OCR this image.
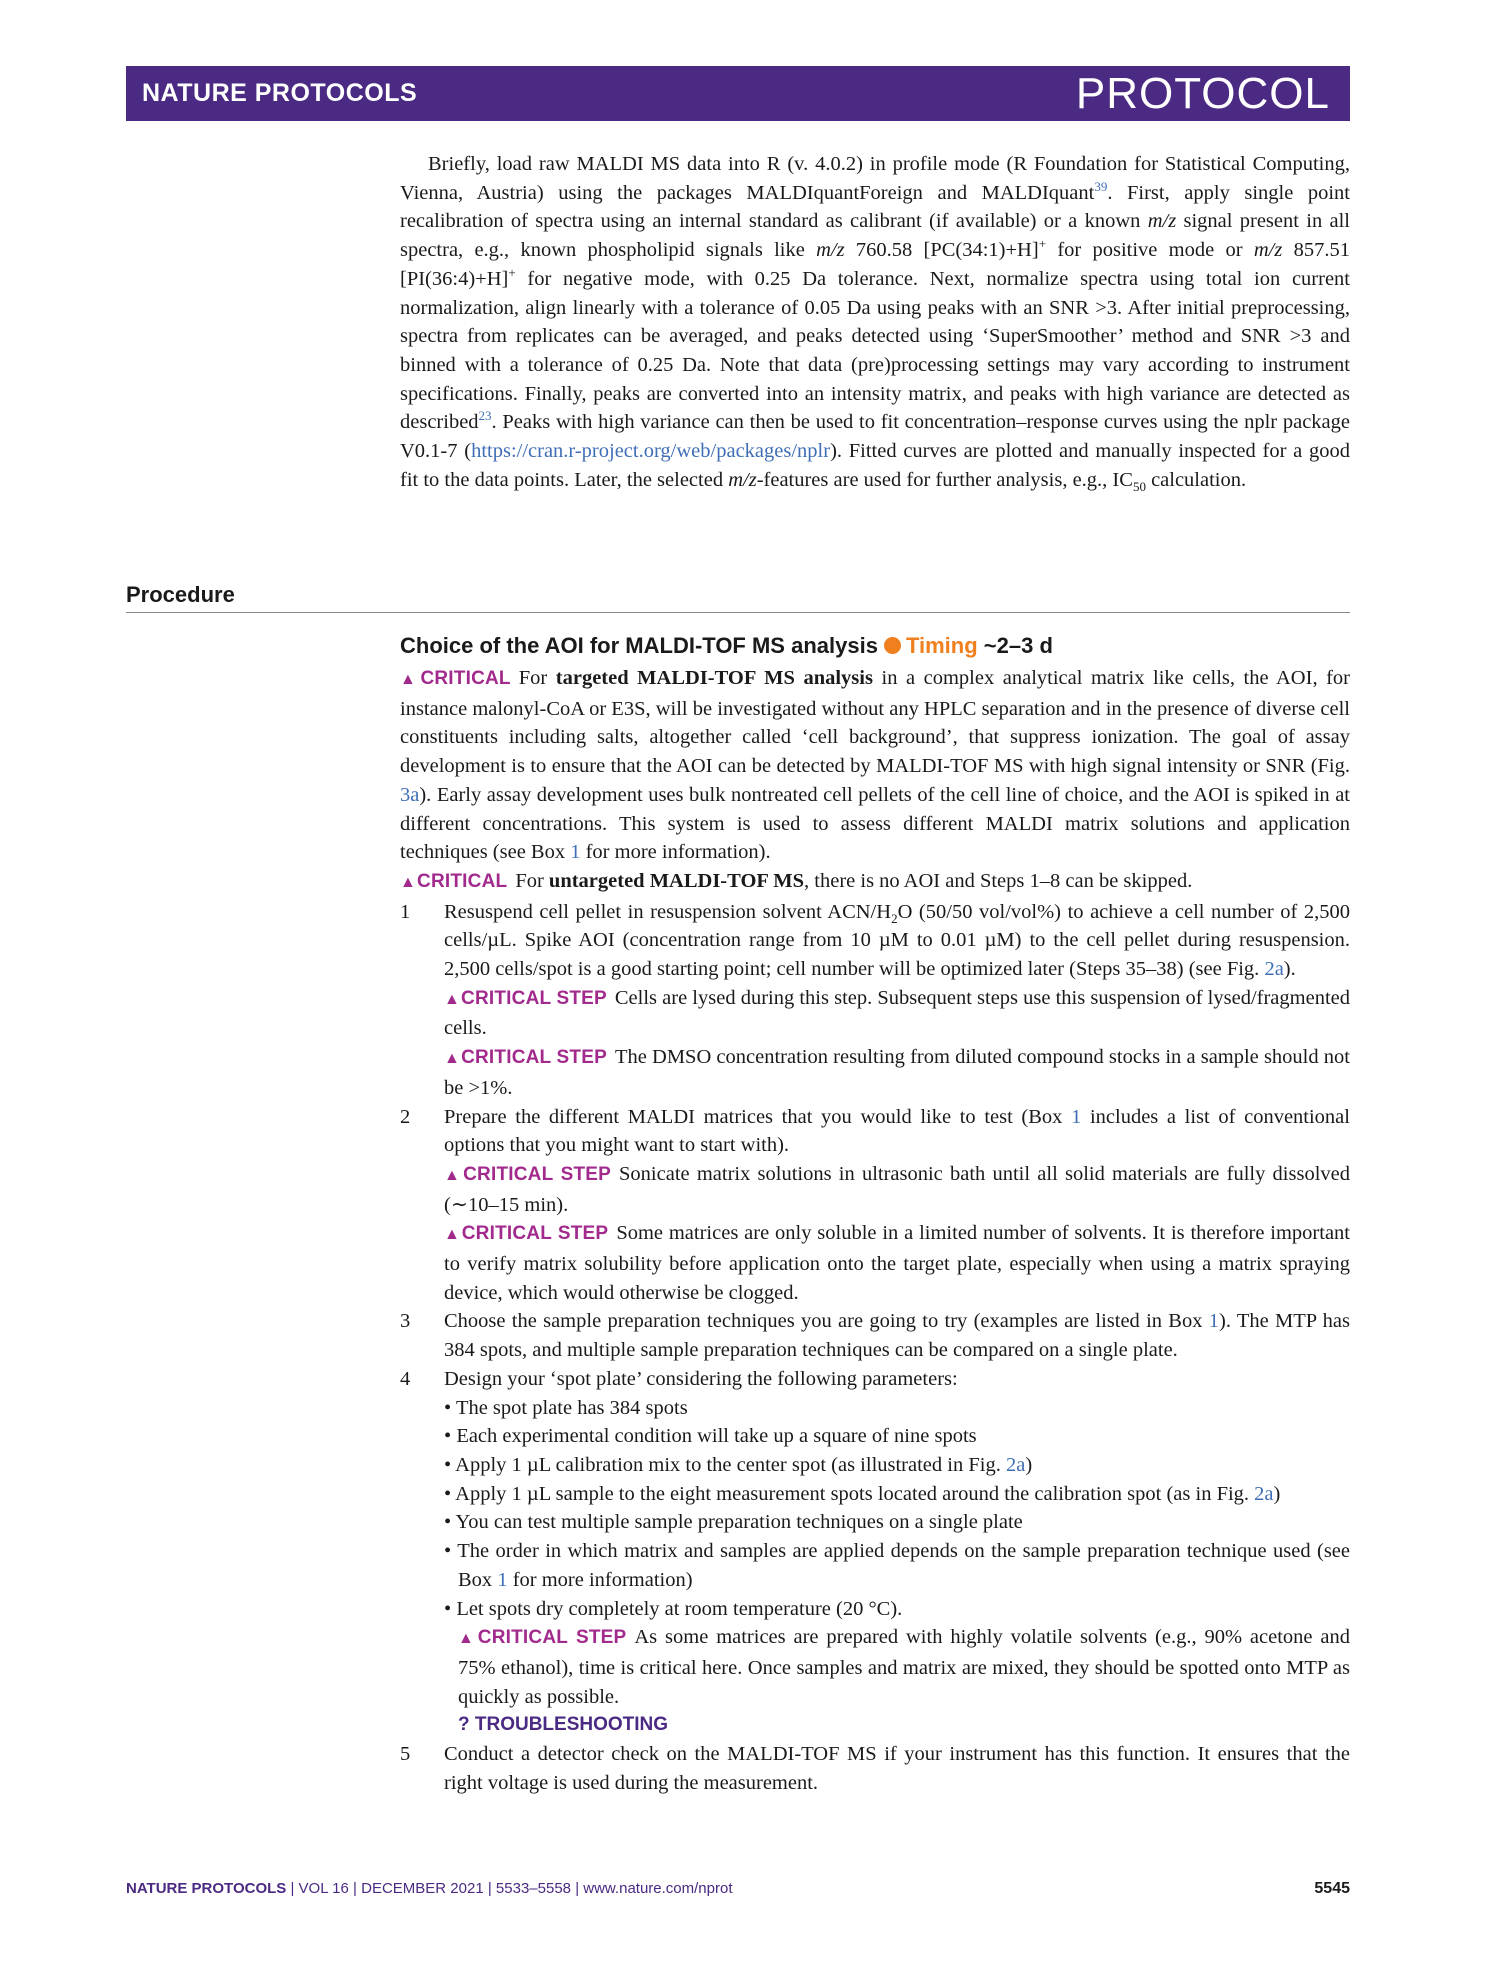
NATURE PROTOCOLS	PROTOCOL

Briefly, load raw MALDI MS data into R (v. 4.0.2) in profile mode (R Foundation for Statistical Computing, Vienna, Austria) using the packages MALDIquantForeign and MALDIquant$^{39}$. First, apply single point recalibration of spectra using an internal standard as calibrant (if available) or a known m/z signal present in all spectra, e.g., known phospholipid signals like m/z 760.58 [PC(34:1)+H]+ for positive mode or m/z 857.51 [PI(36:4)+H]+ for negative mode, with 0.25 Da tolerance. Next, normalize spectra using total ion current normalization, align linearly with a tolerance of 0.05 Da using peaks with an SNR >3. After initial preprocessing, spectra from replicates can be averaged, and peaks detected using ‘SuperSmoother’ method and SNR >3 and binned with a tolerance of 0.25 Da. Note that data (pre)processing settings may vary according to instrument specifications. Finally, peaks are converted into an intensity matrix, and peaks with high variance are detected as described$^{23}$. Peaks with high variance can then be used to fit concentration–response curves using the nplr package V0.1-7 (https://cran.r-project.org/web/packages/nplr). Fitted curves are plotted and manually inspected for a good fit to the data points. Later, the selected m/z-features are used for further analysis, e.g., $IC_{50}$ calculation.

Procedure
Choice of the AOI for MALDI-TOF MS analysis Timing ~2–3 d

▲CRITICAL For targeted MALDI-TOF MS analysis in a complex analytical matrix like cells, the AOI, for instance malonyl-CoA or E3S, will be investigated without any HPLC separation and in the presence of diverse cell constituents including salts, altogether called ‘cell background’, that suppress ionization. The goal of assay development is to ensure that the AOI can be detected by MALDI-TOF MS with high signal intensity or SNR (Fig. 3a). Early assay development uses bulk nontreated cell pellets of the cell line of choice, and the AOI is spiked in at different concentrations. This system is used to assess different MALDI matrix solutions and application techniques (see Box 1 for more information).

▲CRITICAL For untargeted MALDI-TOF MS, there is no AOI and Steps 1–8 can be skipped.

1	Resuspend cell pellet in resuspension solvent ACN/$H_2O$ (50/50 vol/vol%) to achieve a cell number of 2,500 cells/µL. Spike AOI (concentration range from 10 µM to 0.01 µM) to the cell pellet during resuspension. 2,500 cells/spot is a good starting point; cell number will be optimized later (Steps 35–38) (see Fig. 2a).

▲CRITICAL STEP Cells are lysed during this step. Subsequent steps use this suspension of lysed/fragmented cells.

▲CRITICAL STEP The DMSO concentration resulting from diluted compound stocks in a sample should not be >1%.

2	Prepare the different MALDI matrices that you would like to test (Box 1 includes a list of conventional options that you might want to start with).

▲CRITICAL STEP Sonicate matrix solutions in ultrasonic bath until all solid materials are fully dissolved (∼10–15 min).

▲CRITICAL STEP Some matrices are only soluble in a limited number of solvents. It is therefore important to verify matrix solubility before application onto the target plate, especially when using a matrix spraying device, which would otherwise be clogged.

3	Choose the sample preparation techniques you are going to try (examples are listed in Box 1). The MTP has 384 spots, and multiple sample preparation techniques can be compared on a single plate.

4	Design your ‘spot plate’ considering the following parameters:

• The spot plate has 384 spots
• Each experimental condition will take up a square of nine spots
• Apply 1 µL calibration mix to the center spot (as illustrated in Fig. 2a)
• Apply 1 µL sample to the eight measurement spots located around the calibration spot (as in Fig. 2a)
• You can test multiple sample preparation techniques on a single plate
• The order in which matrix and samples are applied depends on the sample preparation technique used (see Box 1 for more information)
• Let spots dry completely at room temperature (20 °C).

▲CRITICAL STEP As some matrices are prepared with highly volatile solvents (e.g., 90% acetone and 75% ethanol), time is critical here. Once samples and matrix are mixed, they should be spotted onto MTP as quickly as possible.

? TROUBLESHOOTING

5	Conduct a detector check on the MALDI-TOF MS if your instrument has this function. It ensures that the right voltage is used during the measurement.

NATURE PROTOCOLS | VOL 16 | DECEMBER 2021 | 5533–5558 | www.nature.com/nprot	5545
